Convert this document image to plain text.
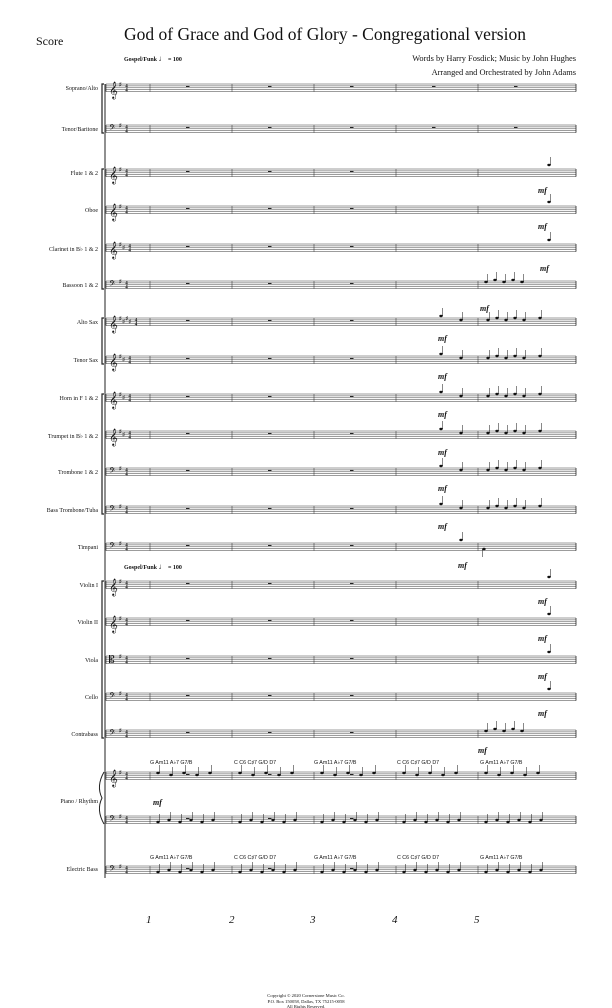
Score	God of Grace and God of Glory - Congregational version
Words by Harry Fosdick; Music by John Hughes
Arranged and Orchestrated by John Adams
Gospel/Funk ♩ = 100
Gospel/Funk ♩ = 100
Soprano/Alto
Tenor/Baritone
Flute 1 & 2
Oboe
Clarinet in B♭ 1 & 2
Bassoon 1 & 2
Alto Sax
Tenor Sax
Horn in F 1 & 2
Trumpet in B♭ 1 & 2
Trombone 1 & 2
Bass Trombone/Tuba
Timpani
Violin I
Violin II
Viola
Cello
Contrabass
Piano / Rhythm
Electric Bass
G Am11 A♭7 G7/B	C C6 C♯7 G/D D7	G Am11 A♭7 G7/B	C C6 C♯7 G/D D7	G Am11 A♭7 G7/B
G Am11 A♭7 G7/B	C C6 C♯7 G/D D7	G Am11 A♭7 G7/B	C C6 C♯7 G/D D7	G Am11 A♭7 G7/B
1	2	3	4	5
mf
mf
mf
mf
mf
mf
mf
mf
mf
mf
mf
mf
mf
mf
mf
mf
mf
𝄞 ♯ 4
4
𝄢 ♯ 4
4
𝄞 ♯ 4
4
𝄞 ♯ 4
4
𝄞 ♯ ♯ 4
4
𝄢 ♯ 4
4
𝄞 ♯ ♯ ♯ ♯ 4
4
𝄞 ♯ ♯ 4
4
𝄞 ♯ ♯ 4
4
𝄞 ♯ ♯ 4
4
𝄢 ♯ 4
4
𝄢 ♯ 4
4
𝄢 ♯ 4
4
𝄞 ♯ 4
4
𝄞 ♯ 4
4
𝄡 ♯ 4
4
𝄢 ♯ 4
4
𝄢 ♯ 4
4
𝄞 ♯ 4
4
𝄢 ♯ 4
4
𝄢 ♯ 4
4
Copyright © 2020 Cornerstone Music Co.
P.O. Box 150058, Dallas, TX 75215-0058
All Rights Reserved.
